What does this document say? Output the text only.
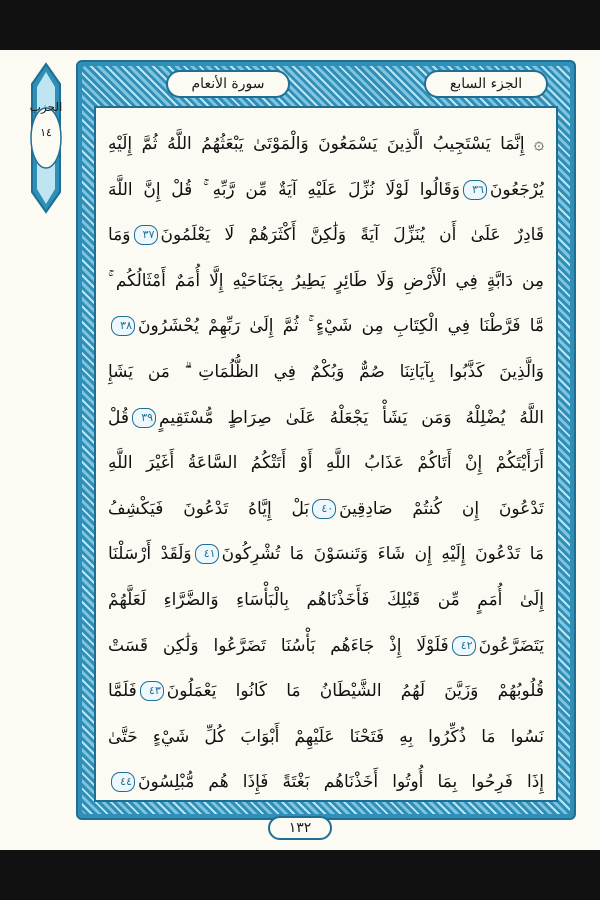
الحزب
١٤
سورة الأنعام	الجزء السابع
۞ إِنَّمَا يَسْتَجِيبُ الَّذِينَ يَسْمَعُونَ وَالْمَوْتَىٰ يَبْعَثُهُمُ اللَّهُ ثُمَّ إِلَيْهِ
يُرْجَعُونَ٣٦وَقَالُوا لَوْلَا نُزِّلَ عَلَيْهِ آيَةٌ مِّن رَّبِّهِ ۚ قُلْ إِنَّ اللَّهَ
قَادِرٌ عَلَىٰ أَن يُنَزِّلَ آيَةً وَلَٰكِنَّ أَكْثَرَهُمْ لَا يَعْلَمُونَ٣٧وَمَا
مِن دَابَّةٍ فِي الْأَرْضِ وَلَا طَائِرٍ يَطِيرُ بِجَنَاحَيْهِ إِلَّا أُمَمٌ أَمْثَالُكُم ۚ
مَّا فَرَّطْنَا فِي الْكِتَابِ مِن شَيْءٍ ۚ ثُمَّ إِلَىٰ رَبِّهِمْ يُحْشَرُونَ٣٨
وَالَّذِينَ كَذَّبُوا بِآيَاتِنَا صُمٌّ وَبُكْمٌ فِي الظُّلُمَاتِ ۗ مَن يَشَإِ
اللَّهُ يُضْلِلْهُ وَمَن يَشَأْ يَجْعَلْهُ عَلَىٰ صِرَاطٍ مُّسْتَقِيمٍ٣٩قُلْ
أَرَأَيْتَكُمْ إِنْ أَتَاكُمْ عَذَابُ اللَّهِ أَوْ أَتَتْكُمُ السَّاعَةُ أَغَيْرَ اللَّهِ
تَدْعُونَ إِن كُنتُمْ صَادِقِينَ٤٠بَلْ إِيَّاهُ تَدْعُونَ فَيَكْشِفُ
مَا تَدْعُونَ إِلَيْهِ إِن شَاءَ وَتَنسَوْنَ مَا تُشْرِكُونَ٤١وَلَقَدْ أَرْسَلْنَا
إِلَىٰ أُمَمٍ مِّن قَبْلِكَ فَأَخَذْنَاهُم بِالْبَأْسَاءِ وَالضَّرَّاءِ لَعَلَّهُمْ
يَتَضَرَّعُونَ٤٢فَلَوْلَا إِذْ جَاءَهُم بَأْسُنَا تَضَرَّعُوا وَلَٰكِن قَسَتْ
قُلُوبُهُمْ وَزَيَّنَ لَهُمُ الشَّيْطَانُ مَا كَانُوا يَعْمَلُونَ٤٣فَلَمَّا
نَسُوا مَا ذُكِّرُوا بِهِ فَتَحْنَا عَلَيْهِمْ أَبْوَابَ كُلِّ شَيْءٍ حَتَّىٰ
إِذَا فَرِحُوا بِمَا أُوتُوا أَخَذْنَاهُم بَغْتَةً فَإِذَا هُم مُّبْلِسُونَ٤٤
١٣٢
